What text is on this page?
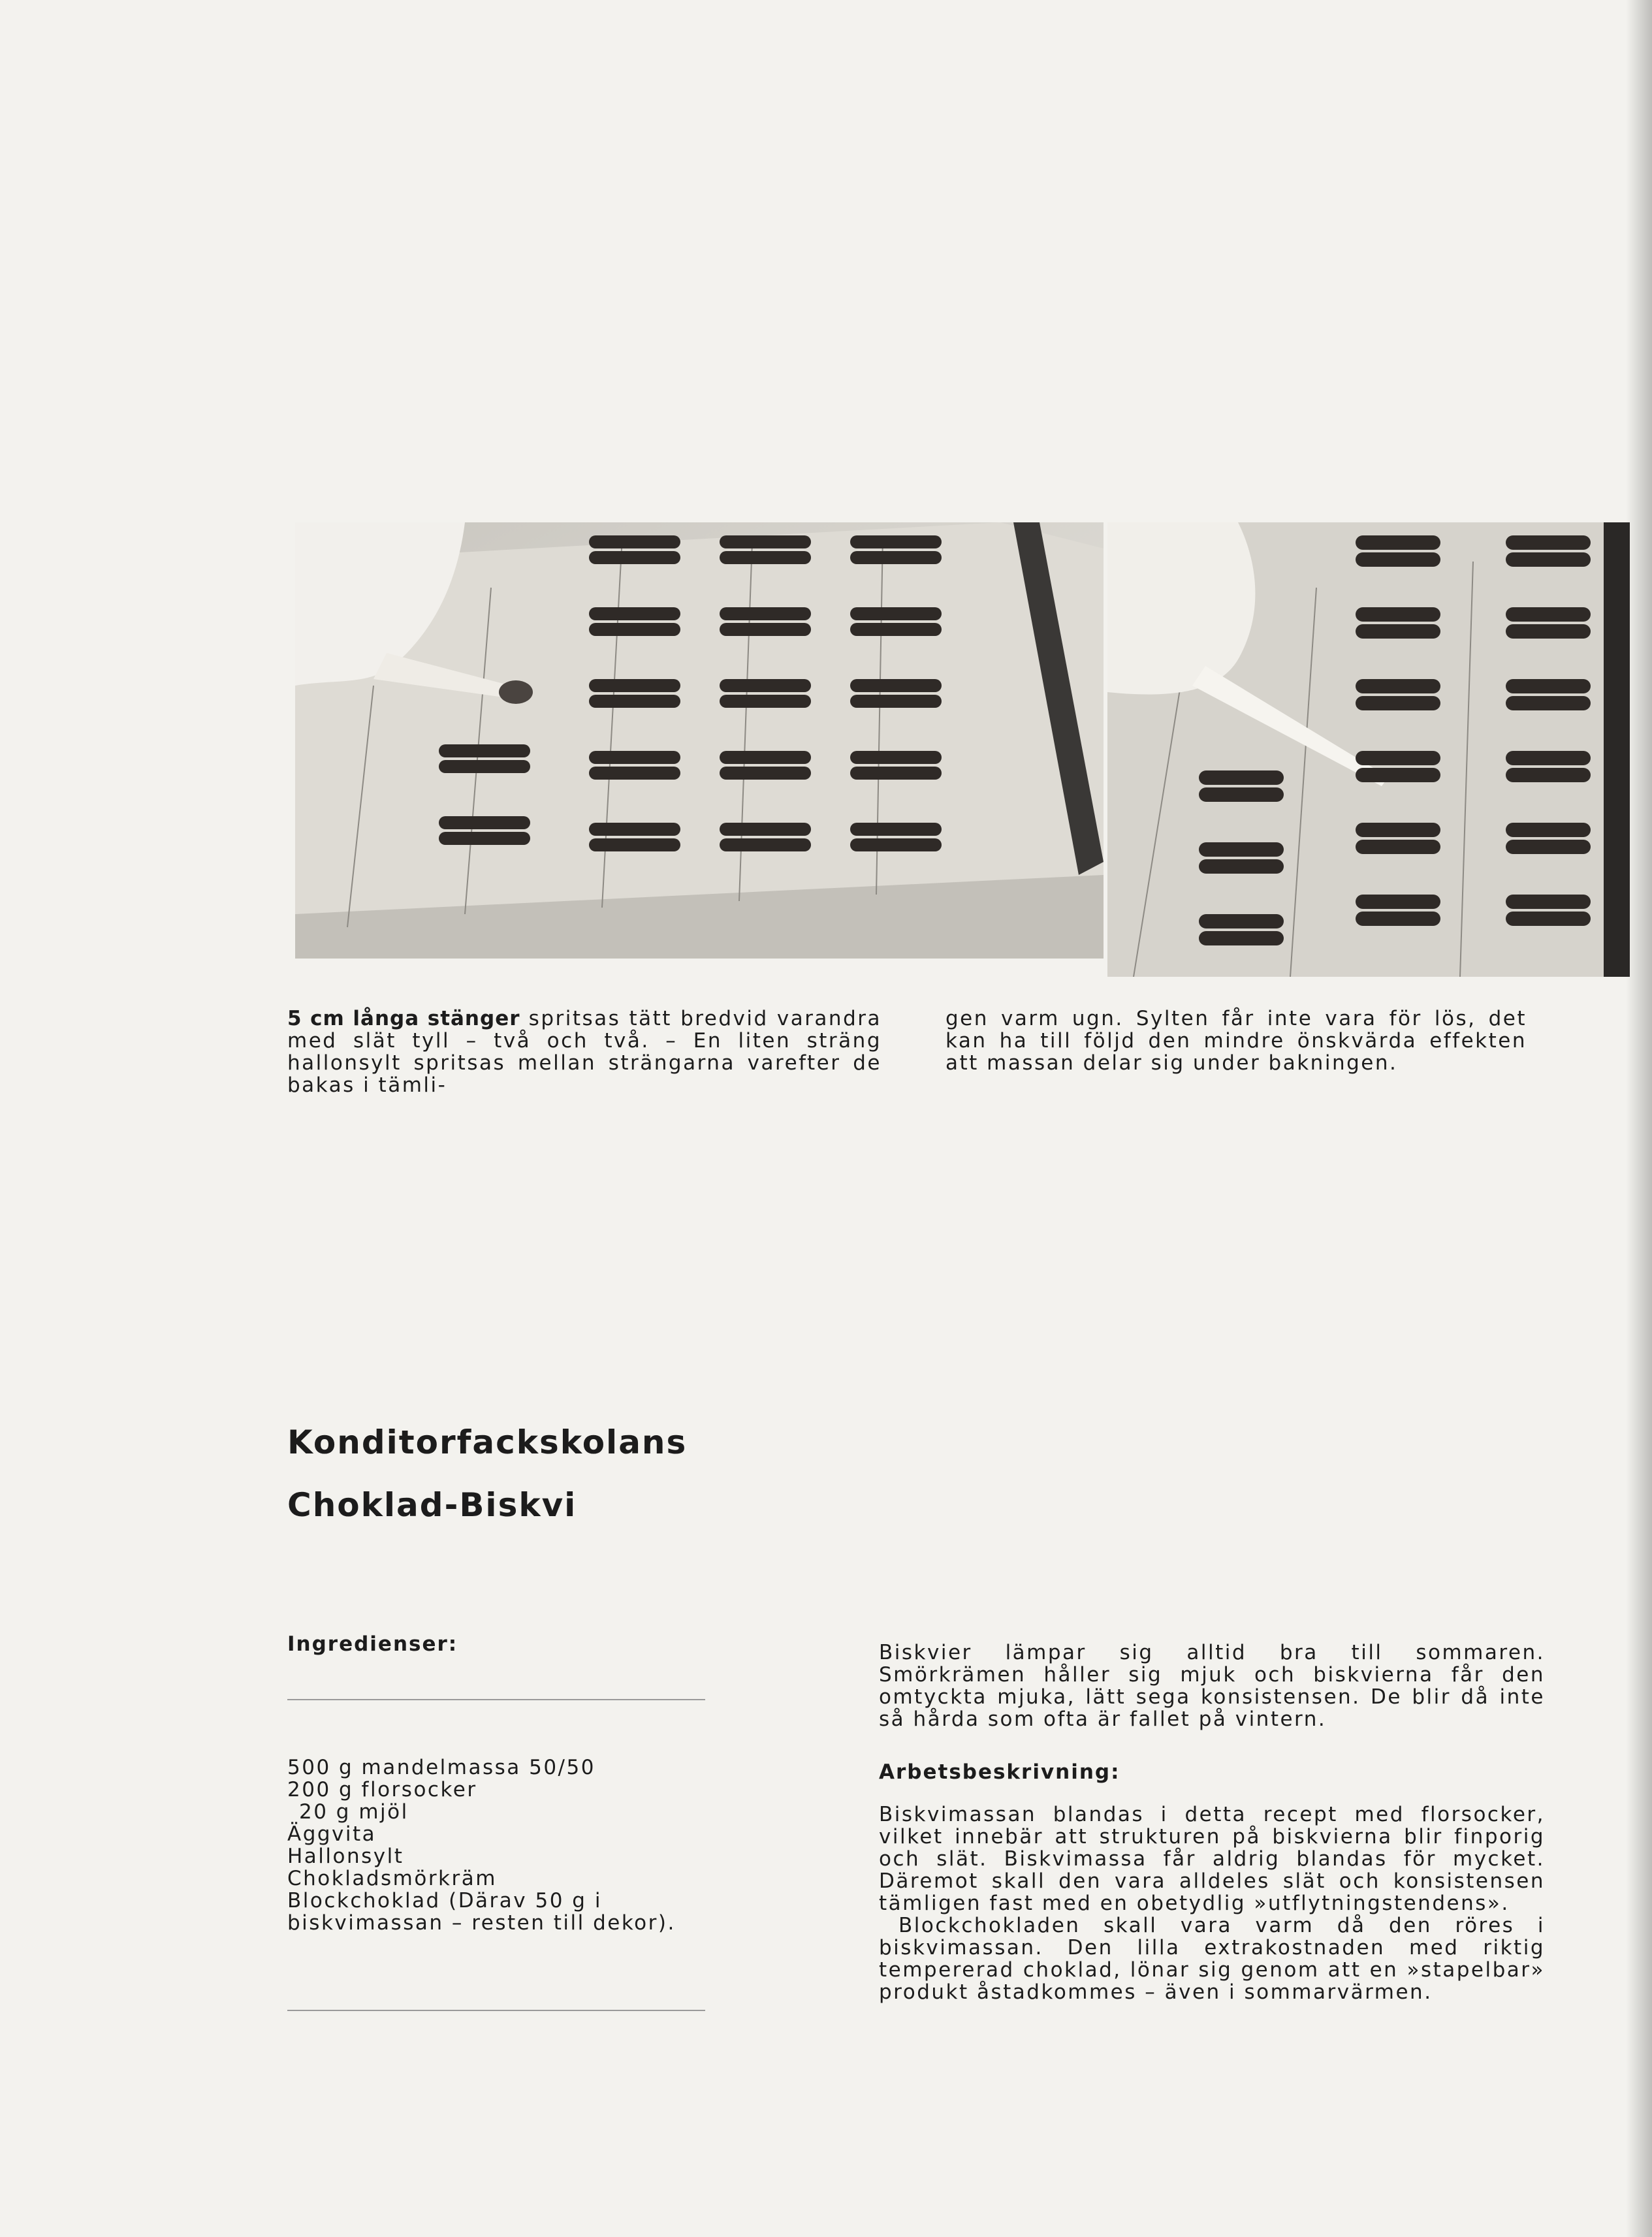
5 cm långa stänger spritsas tätt bredvid varandra med slät tyll – två och två. – En liten sträng hallonsylt spritsas mellan strängarna varefter de bakas i tämli-

gen varm ugn. Sylten får inte vara för lös, det kan ha till följd den mindre önskvärda effekten att massan delar sig under bakningen.

Konditorfackskolans
Choklad-Biskvi
Ingredienser:
500 g mandelmassa 50/50
200 g florsocker
20 g mjöl
Äggvita
Hallonsylt
Chokladsmörkräm
Blockchoklad (Därav 50 g i biskvimassan – resten till dekor).

Biskvier lämpar sig alltid bra till sommaren. Smörkrämen håller sig mjuk och biskvierna får den omtyckta mjuka, lätt sega konsistensen. De blir då inte så hårda som ofta är fallet på vintern.

Arbetsbeskrivning:

Biskvimassan blandas i detta recept med florsocker, vilket innebär att strukturen på biskvierna blir finporig och slät. Biskvimassa får aldrig blandas för mycket. Däremot skall den vara alldeles slät och konsistensen tämligen fast med en obetydlig »utflytningstendens».

Blockchokladen skall vara varm då den röres i biskvimassan. Den lilla extrakostnaden med riktig tempererad choklad, lönar sig genom att en »stapelbar» produkt åstadkommes – även i sommarvärmen.
